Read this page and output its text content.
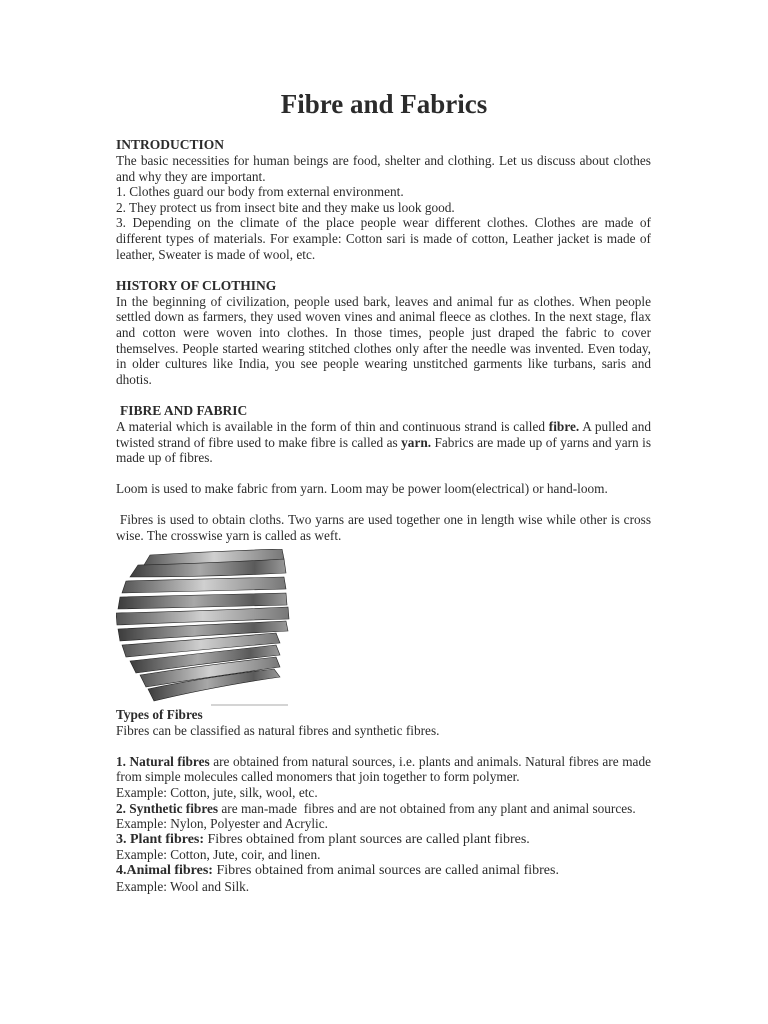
Fibre and Fabrics
INTRODUCTION

The basic necessities for human beings are food, shelter and clothing. Let us discuss about clothes and why they are important.

1. Clothes guard our body from external environment.

2. They protect us from insect bite and they make us look good.

3. Depending on the climate of the place people wear different clothes. Clothes are made of different types of materials. For example: Cotton sari is made of cotton, Leather jacket is made of leather, Sweater is made of wool, etc.

HISTORY OF CLOTHING

In the beginning of civilization, people used bark, leaves and animal fur as clothes. When people settled down as farmers, they used woven vines and animal fleece as clothes. In the next stage, flax and cotton were woven into clothes. In those times, people just draped the fabric to cover themselves. People started wearing stitched clothes only after the needle was invented. Even today, in older cultures like India, you see people wearing unstitched garments like turbans, saris and dhotis.

FIBRE AND FABRIC

A material which is available in the form of thin and continuous strand is called fibre. A pulled and twisted strand of fibre used to make fibre is called as yarn. Fabrics are made up of yarns and yarn is made up of fibres.

Loom is used to make fabric from yarn. Loom may be power loom(electrical) or hand-loom.

Fibres is used to obtain cloths. Two yarns are used together one in length wise while other is cross wise. The crosswise yarn is called as weft.

Types of Fibres

Fibres can be classified as natural fibres and synthetic fibres.

1. Natural fibres are obtained from natural sources, i.e. plants and animals. Natural fibres are made from simple molecules called monomers that join together to form polymer.

Example: Cotton, jute, silk, wool, etc.

2. Synthetic fibres are man-made  fibres and are not obtained from any plant and animal sources.

Example: Nylon, Polyester and Acrylic.

3. Plant fibres: Fibres obtained from plant sources are called plant fibres.

Example: Cotton, Jute, coir, and linen.

4.Animal fibres: Fibres obtained from animal sources are called animal fibres.

Example: Wool and Silk.
